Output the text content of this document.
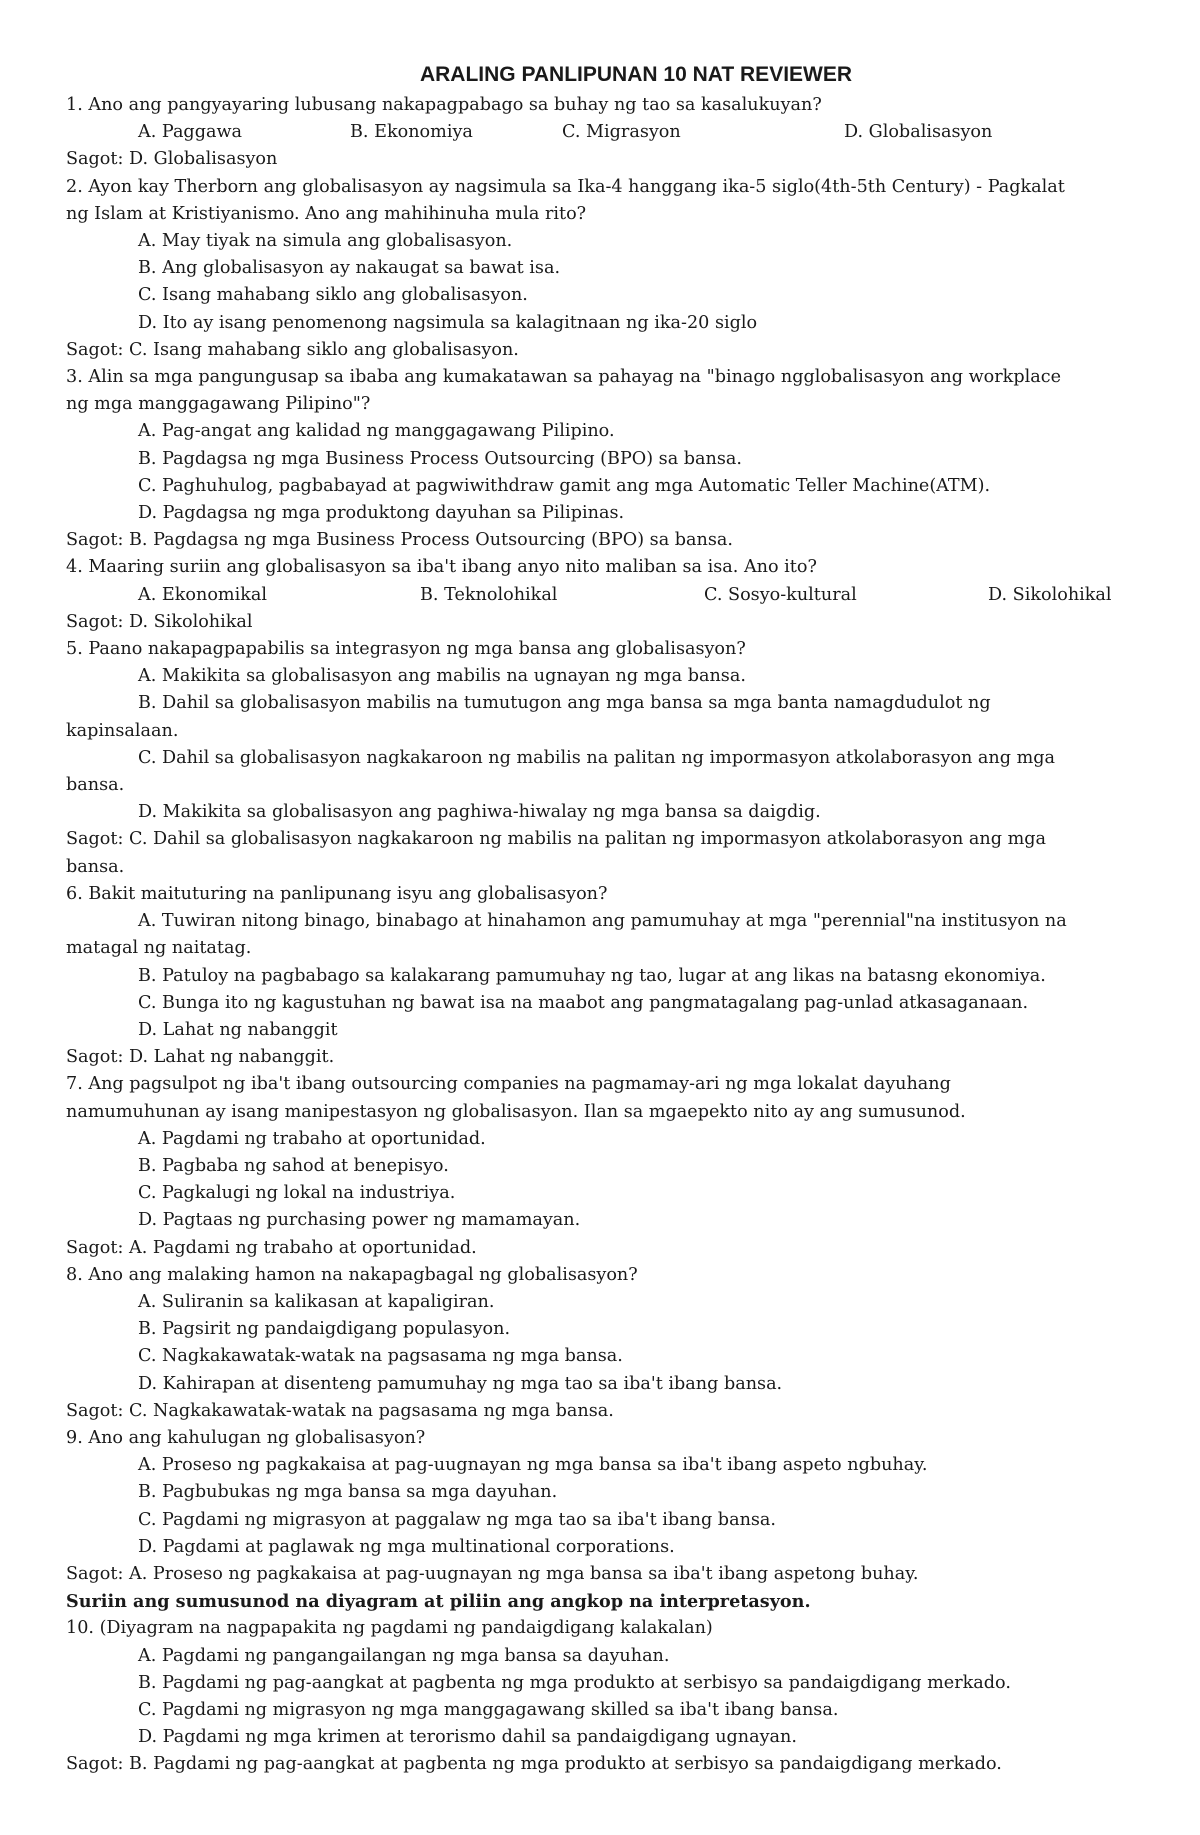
ARALING PANLIPUNAN 10 NAT REVIEWER
1. Ano ang pangyayaring lubusang nakapagpabago sa buhay ng tao sa kasalukuyan?
A. Paggawa	B. Ekonomiya	C. Migrasyon	D. Globalisasyon
Sagot: D. Globalisasyon
2. Ayon kay Therborn ang globalisasyon ay nagsimula sa Ika-4 hanggang ika-5 siglo(4th-5th Century) - Pagkalat
ng Islam at Kristiyanismo. Ano ang mahihinuha mula rito?
A. May tiyak na simula ang globalisasyon.
B. Ang globalisasyon ay nakaugat sa bawat isa.
C. Isang mahabang siklo ang globalisasyon.
D. Ito ay isang penomenong nagsimula sa kalagitnaan ng ika-20 siglo
Sagot: C. Isang mahabang siklo ang globalisasyon.
3. Alin sa mga pangungusap sa ibaba ang kumakatawan sa pahayag na "binago ngglobalisasyon ang workplace
ng mga manggagawang Pilipino"?
A. Pag-angat ang kalidad ng manggagawang Pilipino.
B. Pagdagsa ng mga Business Process Outsourcing (BPO) sa bansa.
C. Paghuhulog, pagbabayad at pagwiwithdraw gamit ang mga Automatic Teller Machine(ATM).
D. Pagdagsa ng mga produktong dayuhan sa Pilipinas.
Sagot: B. Pagdagsa ng mga Business Process Outsourcing (BPO) sa bansa.
4. Maaring suriin ang globalisasyon sa iba't ibang anyo nito maliban sa isa. Ano ito?
A. Ekonomikal	B. Teknolohikal	C. Sosyo-kultural	D. Sikolohikal
Sagot: D. Sikolohikal
5. Paano nakapagpapabilis sa integrasyon ng mga bansa ang globalisasyon?
A. Makikita sa globalisasyon ang mabilis na ugnayan ng mga bansa.
B. Dahil sa globalisasyon mabilis na tumutugon ang mga bansa sa mga banta namagdudulot ng
kapinsalaan.
C. Dahil sa globalisasyon nagkakaroon ng mabilis na palitan ng impormasyon atkolaborasyon ang mga
bansa.
D. Makikita sa globalisasyon ang paghiwa-hiwalay ng mga bansa sa daigdig.
Sagot: C. Dahil sa globalisasyon nagkakaroon ng mabilis na palitan ng impormasyon atkolaborasyon ang mga
bansa.
6. Bakit maituturing na panlipunang isyu ang globalisasyon?
A. Tuwiran nitong binago, binabago at hinahamon ang pamumuhay at mga "perennial"na institusyon na
matagal ng naitatag.
B. Patuloy na pagbabago sa kalakarang pamumuhay ng tao, lugar at ang likas na batasng ekonomiya.
C. Bunga ito ng kagustuhan ng bawat isa na maabot ang pangmatagalang pag-unlad atkasaganaan.
D. Lahat ng nabanggit
Sagot: D. Lahat ng nabanggit.
7. Ang pagsulpot ng iba't ibang outsourcing companies na pagmamay-ari ng mga lokalat dayuhang
namumuhunan ay isang manipestasyon ng globalisasyon. Ilan sa mgaepekto nito ay ang sumusunod.
A. Pagdami ng trabaho at oportunidad.
B. Pagbaba ng sahod at benepisyo.
C. Pagkalugi ng lokal na industriya.
D. Pagtaas ng purchasing power ng mamamayan.
Sagot: A. Pagdami ng trabaho at oportunidad.
8. Ano ang malaking hamon na nakapagbagal ng globalisasyon?
A. Suliranin sa kalikasan at kapaligiran.
B. Pagsirit ng pandaigdigang populasyon.
C. Nagkakawatak-watak na pagsasama ng mga bansa.
D. Kahirapan at disenteng pamumuhay ng mga tao sa iba't ibang bansa.
Sagot: C. Nagkakawatak-watak na pagsasama ng mga bansa.
9. Ano ang kahulugan ng globalisasyon?
A. Proseso ng pagkakaisa at pag-uugnayan ng mga bansa sa iba't ibang aspeto ngbuhay.
B. Pagbubukas ng mga bansa sa mga dayuhan.
C. Pagdami ng migrasyon at paggalaw ng mga tao sa iba't ibang bansa.
D. Pagdami at paglawak ng mga multinational corporations.
Sagot: A. Proseso ng pagkakaisa at pag-uugnayan ng mga bansa sa iba't ibang aspetong buhay.
Suriin ang sumusunod na diyagram at piliin ang angkop na interpretasyon.
10. (Diyagram na nagpapakita ng pagdami ng pandaigdigang kalakalan)
A. Pagdami ng pangangailangan ng mga bansa sa dayuhan.
B. Pagdami ng pag-aangkat at pagbenta ng mga produkto at serbisyo sa pandaigdigang merkado.
C. Pagdami ng migrasyon ng mga manggagawang skilled sa iba't ibang bansa.
D. Pagdami ng mga krimen at terorismo dahil sa pandaigdigang ugnayan.
Sagot: B. Pagdami ng pag-aangkat at pagbenta ng mga produkto at serbisyo sa pandaigdigang merkado.
